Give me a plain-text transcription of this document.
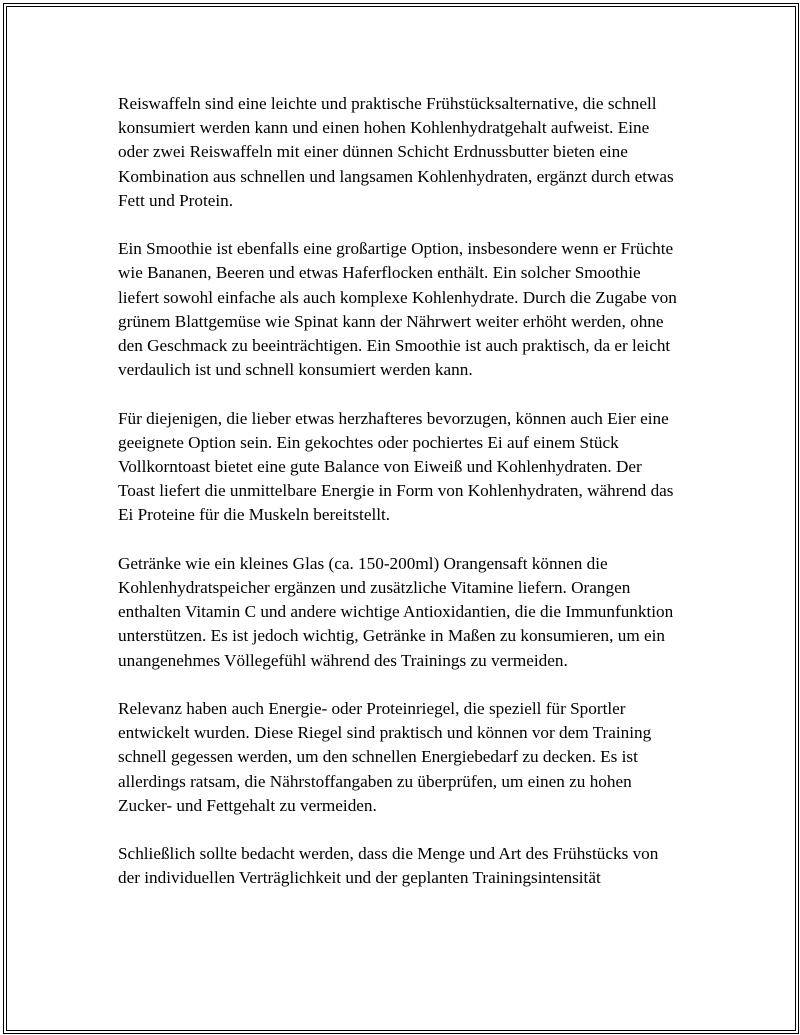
Reiswaffeln sind eine leichte und praktische Frühstücksalternative, die schnell konsumiert werden kann und einen hohen Kohlenhydratgehalt aufweist. Eine oder zwei Reiswaffeln mit einer dünnen Schicht Erdnussbutter bieten eine Kombination aus schnellen und langsamen Kohlenhydraten, ergänzt durch etwas Fett und Protein.

Ein Smoothie ist ebenfalls eine großartige Option, insbesondere wenn er Früchte wie Bananen, Beeren und etwas Haferflocken enthält. Ein solcher Smoothie liefert sowohl einfache als auch komplexe Kohlenhydrate. Durch die Zugabe von grünem Blattgemüse wie Spinat kann der Nährwert weiter erhöht werden, ohne den Geschmack zu beeinträchtigen. Ein Smoothie ist auch praktisch, da er leicht verdaulich ist und schnell konsumiert werden kann.

Für diejenigen, die lieber etwas herzhafteres bevorzugen, können auch Eier eine geeignete Option sein. Ein gekochtes oder pochiertes Ei auf einem Stück Vollkorntoast bietet eine gute Balance von Eiweiß und Kohlenhydraten. Der Toast liefert die unmittelbare Energie in Form von Kohlenhydraten, während das Ei Proteine für die Muskeln bereitstellt.

Getränke wie ein kleines Glas (ca. 150-200ml) Orangensaft können die Kohlenhydratspeicher ergänzen und zusätzliche Vitamine liefern. Orangen enthalten Vitamin C und andere wichtige Antioxidantien, die die Immunfunktion unterstützen. Es ist jedoch wichtig, Getränke in Maßen zu konsumieren, um ein unangenehmes Völlegefühl während des Trainings zu vermeiden.

Relevanz haben auch Energie- oder Proteinriegel, die speziell für Sportler entwickelt wurden. Diese Riegel sind praktisch und können vor dem Training schnell gegessen werden, um den schnellen Energiebedarf zu decken. Es ist allerdings ratsam, die Nährstoffangaben zu überprüfen, um einen zu hohen Zucker- und Fettgehalt zu vermeiden.

Schließlich sollte bedacht werden, dass die Menge und Art des Frühstücks von der individuellen Verträglichkeit und der geplanten Trainingsintensität
